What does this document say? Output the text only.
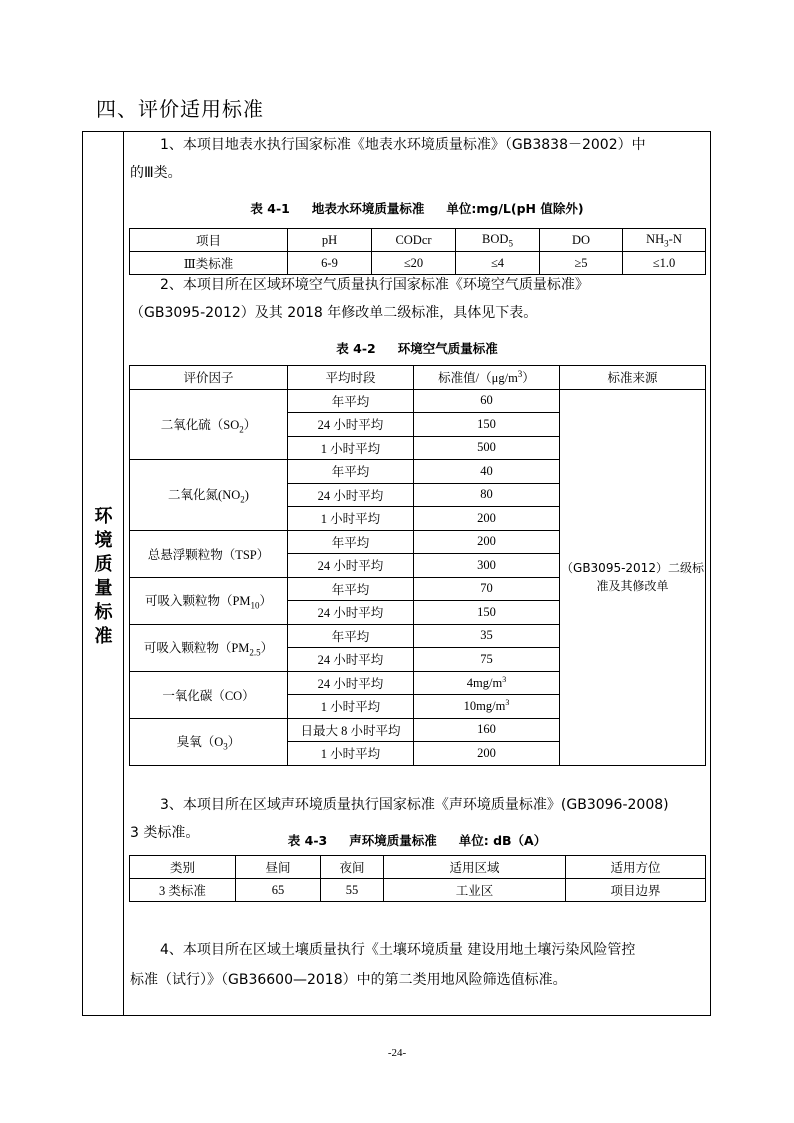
四、评价适用标准
环
境
质
量
标
准
1、本项目地表水执行国家标准《地表水环境质量标准》（GB3838－2002）中
的Ⅲ类。
表 4-1 地表水环境质量标准 单位:mg/L(pH 值除外)
项目	pH	CODcr	$BOD_5$	DO	$NH_3-N$
Ⅲ类标准	6-9	≤20	≤4	≥5	≤1.0
2、本项目所在区域环境空气质量执行国家标准《环境空气质量标准》
（GB3095-2012）及其 2018 年修改单二级标准，具体见下表。
表 4-2 环境空气质量标准
评价因子	平均时段	标准值$/(\mu g/m^3)$	标准来源
二氧化硫$(SO_2)$	年平均	60	（GB3095-2012）二级标准及其修改单
	24 小时平均	150	
	1 小时平均	500	
二氧化氮$(NO_2)$	年平均	40	
	24 小时平均	80	
	1 小时平均	200	
总悬浮颗粒物（TSP）	年平均	200	
	24 小时平均	300	
可吸入颗粒物$(PM_{10})$	年平均	70	
	24 小时平均	150	
可吸入颗粒物$(PM_{2.5})$	年平均	35	
	24 小时平均	75	
一氧化碳（CO）	24 小时平均	$4mg/m^3$
	1 小时平均	$10mg/m^3$
臭氧$(O_3)$	日最大 8 小时平均	160	
	1 小时平均	200	
3、本项目所在区域声环境质量执行国家标准《声环境质量标准》(GB3096-2008)
3 类标准。	表 4-3 声环境质量标准 单位: dB（A）
类别	昼间	夜间	适用区域	适用方位
3 类标准	65	55	工业区	项目边界
4、本项目所在区域土壤质量执行《土壤环境质量 建设用地土壤污染风险管控
标准（试行）》（GB36600—2018）中的第二类用地风险筛选值标准。
-24-
